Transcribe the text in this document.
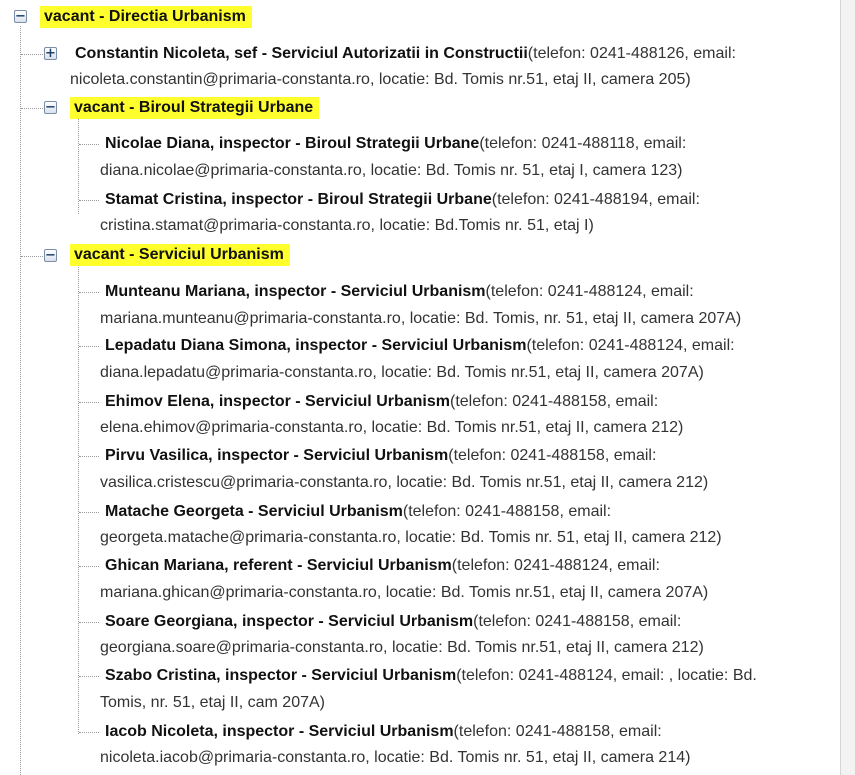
− vacant - Directia Urbanism
+ Constantin Nicoleta, sef - Serviciul Autorizatii in Constructii(telefon: 0241-488126, email:
nicoleta.constantin@primaria-constanta.ro, locatie: Bd. Tomis nr.51, etaj II, camera 205)
− vacant - Biroul Strategii Urbane
Nicolae Diana, inspector - Biroul Strategii Urbane(telefon: 0241-488118, email:
diana.nicolae@primaria-constanta.ro, locatie: Bd. Tomis nr. 51, etaj I, camera 123)
Stamat Cristina, inspector - Biroul Strategii Urbane(telefon: 0241-488194, email:
cristina.stamat@primaria-constanta.ro, locatie: Bd.Tomis nr. 51, etaj I)
− vacant - Serviciul Urbanism
Munteanu Mariana, inspector - Serviciul Urbanism(telefon: 0241-488124, email:
mariana.munteanu@primaria-constanta.ro, locatie: Bd. Tomis, nr. 51, etaj II, camera 207A)
Lepadatu Diana Simona, inspector - Serviciul Urbanism(telefon: 0241-488124, email:
diana.lepadatu@primaria-constanta.ro, locatie: Bd. Tomis nr.51, etaj II, camera 207A)
Ehimov Elena, inspector - Serviciul Urbanism(telefon: 0241-488158, email:
elena.ehimov@primaria-constanta.ro, locatie: Bd. Tomis nr.51, etaj II, camera 212)
Pirvu Vasilica, inspector - Serviciul Urbanism(telefon: 0241-488158, email:
vasilica.cristescu@primaria-constanta.ro, locatie: Bd. Tomis nr.51, etaj II, camera 212)
Matache Georgeta - Serviciul Urbanism(telefon: 0241-488158, email:
georgeta.matache@primaria-constanta.ro, locatie: Bd. Tomis nr. 51, etaj II, camera 212)
Ghican Mariana, referent - Serviciul Urbanism(telefon: 0241-488124, email:
mariana.ghican@primaria-constanta.ro, locatie: Bd. Tomis nr.51, etaj II, camera 207A)
Soare Georgiana, inspector - Serviciul Urbanism(telefon: 0241-488158, email:
georgiana.soare@primaria-constanta.ro, locatie: Bd. Tomis nr.51, etaj II, camera 212)
Szabo Cristina, inspector - Serviciul Urbanism(telefon: 0241-488124, email: , locatie: Bd.
Tomis, nr. 51, etaj II, cam 207A)
Iacob Nicoleta, inspector - Serviciul Urbanism(telefon: 0241-488158, email:
nicoleta.iacob@primaria-constanta.ro, locatie: Bd. Tomis nr. 51, etaj II, camera 214)
